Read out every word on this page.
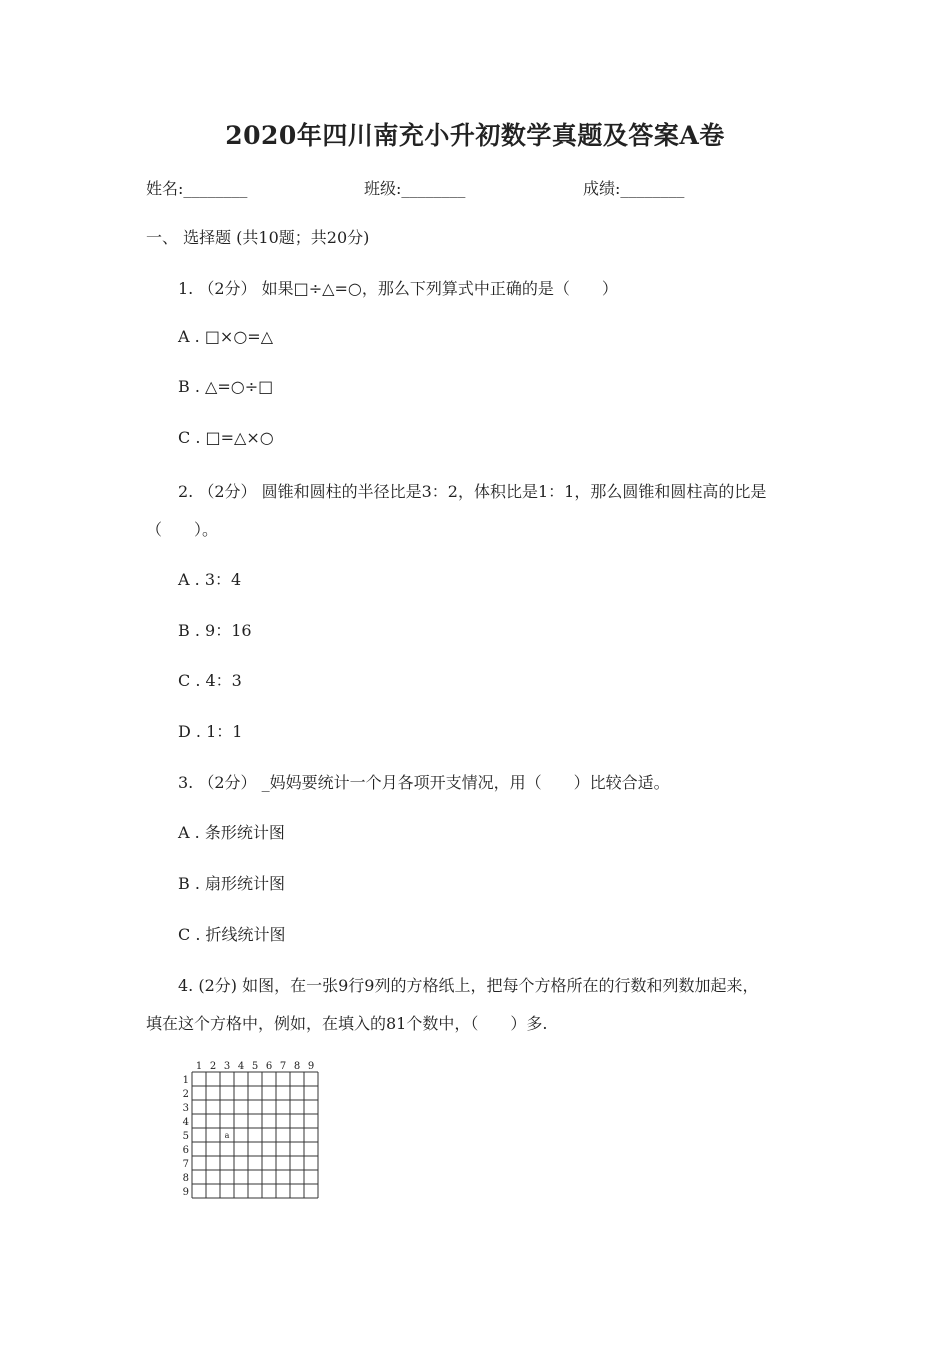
2020年四川南充小升初数学真题及答案A卷
姓名:________	班级:________	成绩:________
一、 选择题 (共10题；共20分)
1. （2分） 如果□÷△=○，那么下列算式中正确的是（　　）
A . □×○=△
B . △=○÷□
C . □=△×○
2. （2分） 圆锥和圆柱的半径比是3：2，体积比是1：1，那么圆锥和圆柱高的比是
（　　）。
A . 3：4
B . 9：16
C . 4：3
D . 1：1
3. （2分） _妈妈要统计一个月各项开支情况，用（　　）比较合适。
A . 条形统计图
B . 扇形统计图
C . 折线统计图
4. (2分) 如图，在一张9行9列的方格纸上，把每个方格所在的行数和列数加起来，
填在这个方格中，例如，在填入的81个数中，（　　）多.
1 2 3 4 5 6 7 8 9
1
2
3
4
5
6
7
8
9
a
